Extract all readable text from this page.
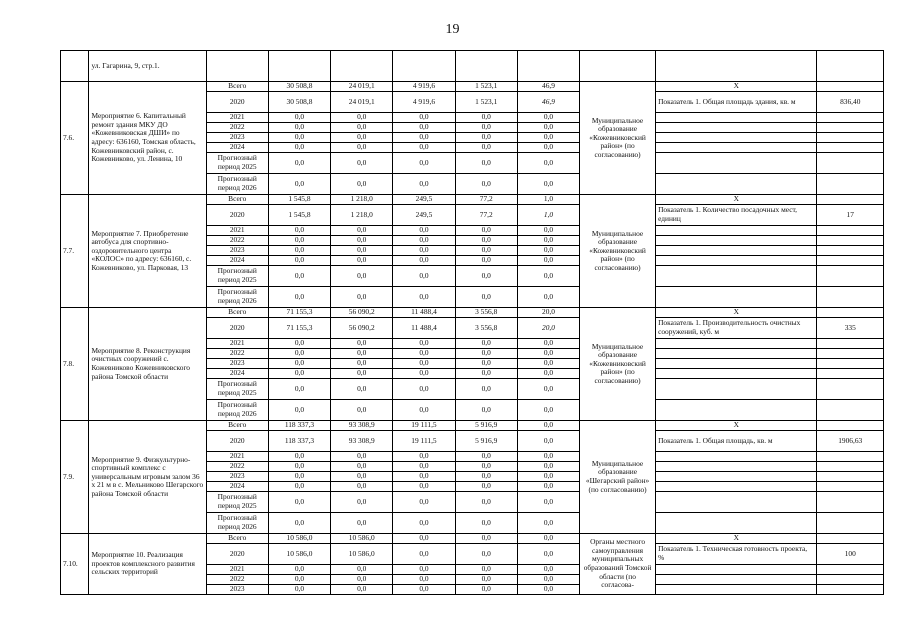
19
	ул. Гагарина, 9, стр.1.									
7.6.	Мероприятие 6. Капитальный ремонт здания МКУ ДО «Кожевниковская ДШИ» по адресу: 636160, Томская область, Кожевниковский район, с. Кожевниково, ул. Ленина, 10	Всего	30 508,8	24 019,1	4 919,6	1 523,1	46,9	Муниципальное образование «Кожевниковский район» (по согласованию)	Х	
		2020	30 508,8	24 019,1	4 919,6	1 523,1	46,9		Показатель 1. Общая площадь здания, кв. м	836,40
		2021	0,0	0,0	0,0	0,0	0,0			
		2022	0,0	0,0	0,0	0,0	0,0			
		2023	0,0	0,0	0,0	0,0	0,0			
		2024	0,0	0,0	0,0	0,0	0,0			
		Прогнозный период 2025	0,0	0,0	0,0	0,0	0,0			
		Прогнозный период 2026	0,0	0,0	0,0	0,0	0,0			
7.7.	Мероприятие 7. Приобретение автобуса для спортивно-оздоровительного центра «КОЛОС» по адресу: 636160, с. Кожевниково, ул. Парковая, 13	Всего	1 545,8	1 218,0	249,5	77,2	1,0	Муниципальное образование «Кожевниковский район» (по согласованию)	Х	
		2020	1 545,8	1 218,0	249,5	77,2	1,0		Показатель 1. Количество посадочных мест, единиц	17
		2021	0,0	0,0	0,0	0,0	0,0			
		2022	0,0	0,0	0,0	0,0	0,0			
		2023	0,0	0,0	0,0	0,0	0,0			
		2024	0,0	0,0	0,0	0,0	0,0			
		Прогнозный период 2025	0,0	0,0	0,0	0,0	0,0			
		Прогнозный период 2026	0,0	0,0	0,0	0,0	0,0			
7.8.	Мероприятие 8. Реконструкция очистных сооружений с. Кожевниково Кожевниковского района Томской области	Всего	71 155,3	56 090,2	11 488,4	3 556,8	20,0	Муниципальное образование «Кожевниковский район» (по согласованию)	Х	
		2020	71 155,3	56 090,2	11 488,4	3 556,8	20,0		Показатель 1. Производительность очистных сооружений, куб. м	335
		2021	0,0	0,0	0,0	0,0	0,0			
		2022	0,0	0,0	0,0	0,0	0,0			
		2023	0,0	0,0	0,0	0,0	0,0			
		2024	0,0	0,0	0,0	0,0	0,0			
		Прогнозный период 2025	0,0	0,0	0,0	0,0	0,0			
		Прогнозный период 2026	0,0	0,0	0,0	0,0	0,0			
7.9.	Мероприятие 9. Физкультурно-спортивный комплекс с универсальным игровым залом 36 х 21 м в с. Мельниково Шегарского района Томской области	Всего	118 337,3	93 308,9	19 111,5	5 916,9	0,0	Муниципальное образование «Шегарский район» (по согласованию)	Х	
		2020	118 337,3	93 308,9	19 111,5	5 916,9	0,0		Показатель 1. Общая площадь, кв. м	1906,63
		2021	0,0	0,0	0,0	0,0	0,0			
		2022	0,0	0,0	0,0	0,0	0,0			
		2023	0,0	0,0	0,0	0,0	0,0			
		2024	0,0	0,0	0,0	0,0	0,0			
		Прогнозный период 2025	0,0	0,0	0,0	0,0	0,0			
		Прогнозный период 2026	0,0	0,0	0,0	0,0	0,0			
7.10.	Мероприятие 10. Реализация проектов комплексного развития сельских территорий	Всего	10 586,0	10 586,0	0,0	0,0	0,0	Органы местного самоуправления муниципальных образований Томской области (по согласова-	Х	
		2020	10 586,0	10 586,0	0,0	0,0	0,0		Показатель 1. Техническая готовность проекта, %	100
		2021	0,0	0,0	0,0	0,0	0,0			
		2022	0,0	0,0	0,0	0,0	0,0			
		2023	0,0	0,0	0,0	0,0	0,0			
